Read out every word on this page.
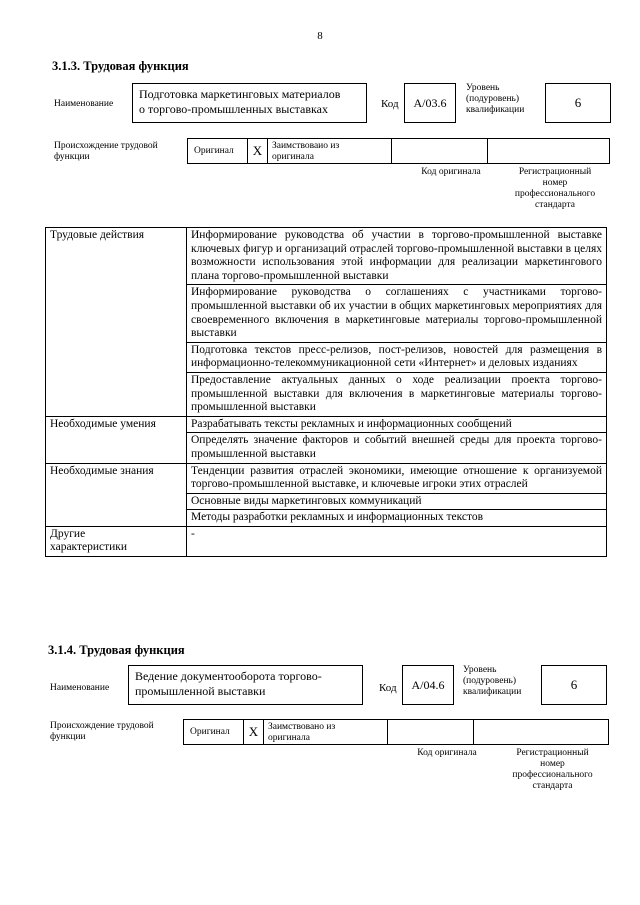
8
3.1.3. Трудовая функция
Наименование
Подготовка маркетинговых материалов
о торгово-промышленных выставках	Код	A/03.6
Уровень
(подуровень)
квалификации	6
Происхождение трудовой
функции
Оригинал	X	Заимствоваио из
оригинала
Код оригинала	Регистрационный
номер
профессионального
стандарта
Трудовые действия	Информирование руководства об участии в торгово-промышленной выставке ключевых фигур и организаций отраслей торгово-промышленной выставки в целях возможности использования этой информации для реализации маркетингового плана торгово-промышленной выставки
	Информирование руководства о соглашениях с участниками торгово-промышленной выставки об их участии в общих маркетинговых мероприятиях для своевременного включения в маркетинговые материалы торгово-промышленной выставки
	Подготовка текстов пресс-релизов, пост-релизов, новостей для размещения в информационно-телекоммуникационной сети «Интернет» и деловых изданиях
	Предоставление актуальных данных о ходе реализации проекта торгово-промышленной выставки для включения в маркетинговые материалы торгово-промышленной выставки
Необходимые умения	Разрабатывать тексты рекламных и информационных сообщений
	Определять значение факторов и событий внешней среды для проекта торгово-промышленной выставки
Необходимые знания	Тенденции развития отраслей экономики, имеющие отношение к организуемой торгово-промышленной выставке, и ключевые игроки этих отраслей
	Основные виды маркетинговых коммуникаций
	Методы разработки рекламных и информационных текстов

Другие
характеристики	-
3.1.4. Трудовая функция
Наименование
Ведение документооборота торгово-
промышленной выставки	Код	A/04.6
Уровень
(подуровень)
квалификации	6
Происхождение трудовой
функции	Оригинал	X	Заимствовано из
оригинала
Код оригинала	Регистрационный
номер
профессионального
стандарта
